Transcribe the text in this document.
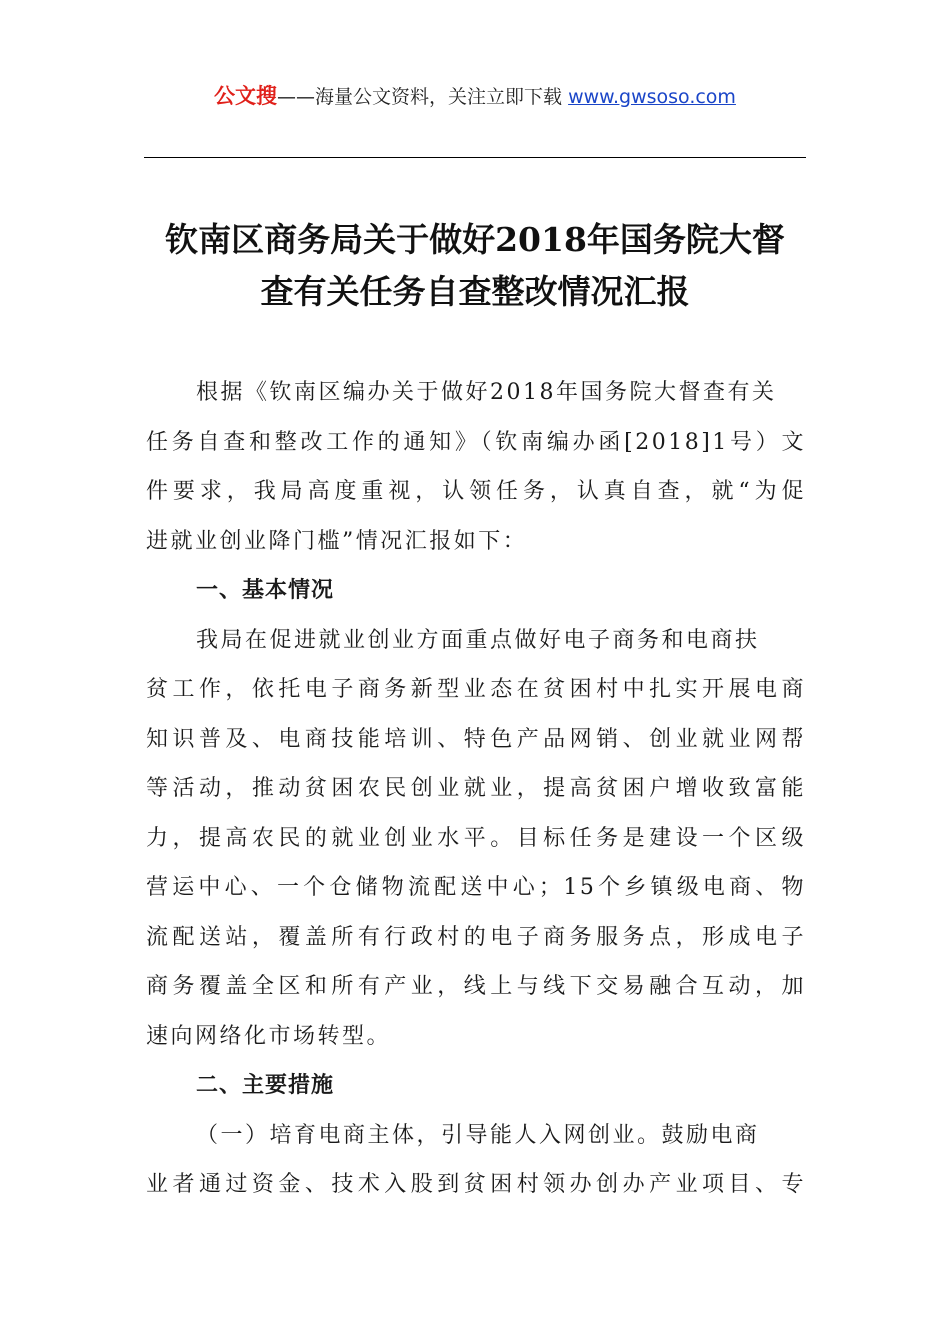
公文搜——海量公文资料，关注立即下载 www.gwsoso.com
钦南区商务局关于做好2018年国务院大督
查有关任务自查整改情况汇报
根据《钦南区编办关于做好2018年国务院大督查有关
任务自查和整改工作的通知》（钦南编办函[2018]1号）文
件要求，我局高度重视，认领任务，认真自查，就“为促
进就业创业降门槛”情况汇报如下：
一、基本情况
我局在促进就业创业方面重点做好电子商务和电商扶
贫工作，依托电子商务新型业态在贫困村中扎实开展电商
知识普及、电商技能培训、特色产品网销、创业就业网帮
等活动，推动贫困农民创业就业，提高贫困户增收致富能
力，提高农民的就业创业水平。目标任务是建设一个区级
营运中心、一个仓储物流配送中心；15个乡镇级电商、物
流配送站，覆盖所有行政村的电子商务服务点，形成电子
商务覆盖全区和所有产业，线上与线下交易融合互动，加
速向网络化市场转型。
二、主要措施
（一）培育电商主体，引导能人入网创业。鼓励电商
业者通过资金、技术入股到贫困村领办创办产业项目、专
